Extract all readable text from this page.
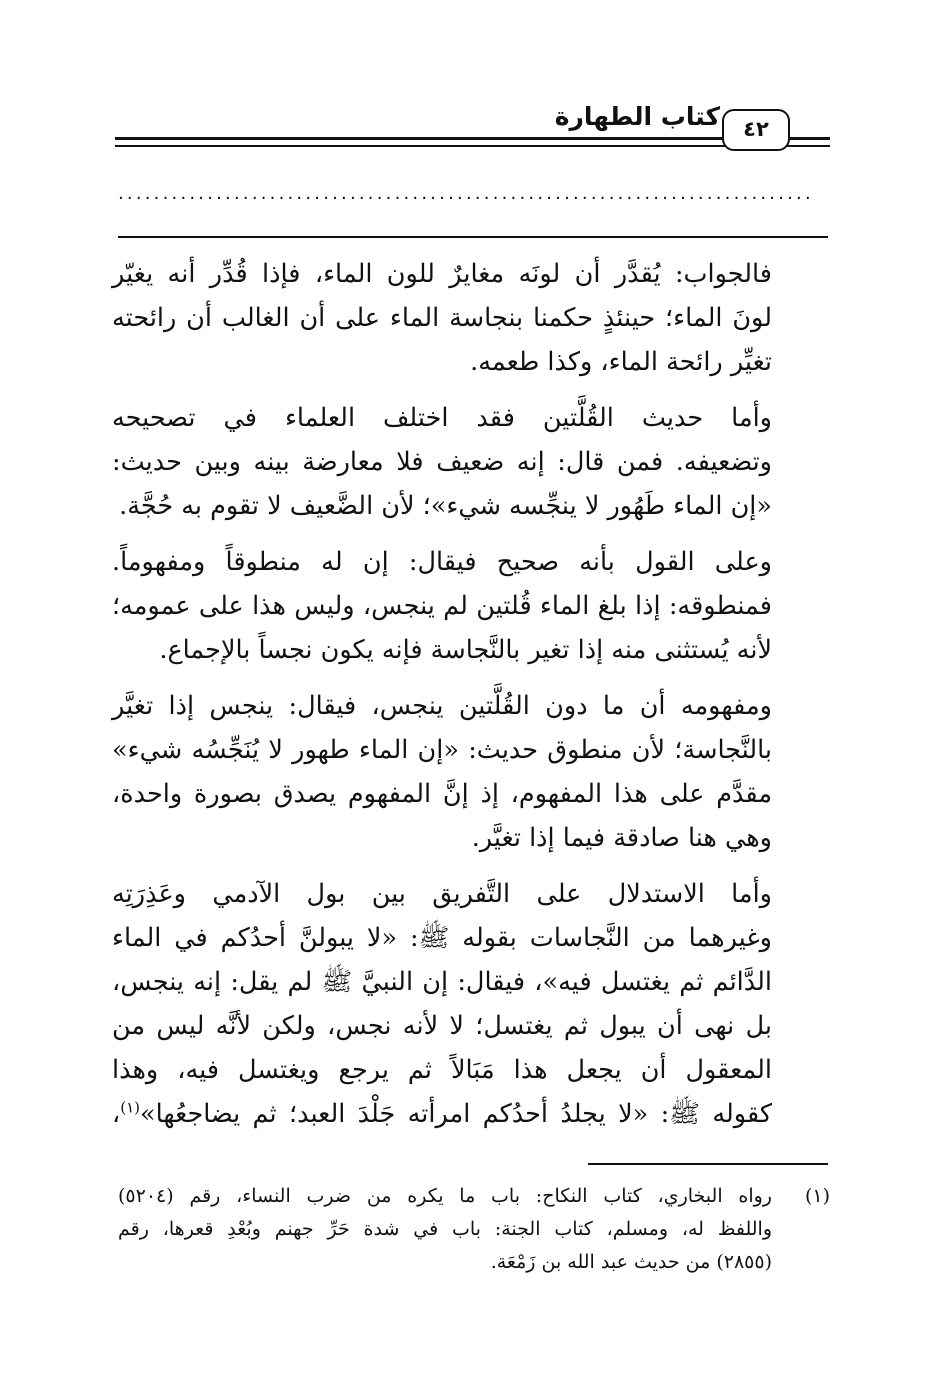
كتاب الطهارة	٤٢
..............................................................................

فالجواب: يُقدَّر أن لونَه مغايرٌ للون الماء، فإذا قُدِّر أنه يغيّر
لونَ الماء؛ حينئذٍ حكمنا بنجاسة الماء على أن الغالب أن رائحته
تغيِّر رائحة الماء، وكذا طعمه.

وأما حديث القُلَّتين فقد اختلف العلماء في تصحيحه
وتضعيفه. فمن قال: إنه ضعيف فلا معارضة بينه وبين حديث:
«إن الماء طَهُور لا ينجِّسه شيء»؛ لأن الضَّعيف لا تقوم به حُجَّة.

وعلى القول بأنه صحيح فيقال: إن له منطوقاً ومفهوماً.
فمنطوقه: إذا بلغ الماء قُلتين لم ينجس، وليس هذا على عمومه؛
لأنه يُستثنى منه إذا تغير بالنَّجاسة فإنه يكون نجساً بالإجماع.

ومفهومه أن ما دون القُلَّتين ينجس، فيقال: ينجس إذا تغيَّر
بالنَّجاسة؛ لأن منطوق حديث: «إن الماء طهور لا يُنَجِّسُه شيء»
مقدَّم على هذا المفهوم، إذ إنَّ المفهوم يصدق بصورة واحدة،
وهي هنا صادقة فيما إذا تغيَّر.

وأما الاستدلال على التَّفريق بين بول الآدمي وعَذِرَتِه
وغيرهما من النَّجاسات بقوله ﷺ: «لا يبولنَّ أحدُكم في الماء
الدَّائم ثم يغتسل فيه»، فيقال: إن النبيَّ ﷺ لم يقل: إنه ينجس،
بل نهى أن يبول ثم يغتسل؛ لا لأنه نجس، ولكن لأنَّه ليس من
المعقول أن يجعل هذا مَبَالاً ثم يرجع ويغتسل فيه، وهذا
كقوله ﷺ: «لا يجلدُ أحدُكم امرأته جَلْدَ العبد؛ ثم يضاجعُها»$^{(١)}$،

(١)
رواه البخاري، كتاب النكاح: باب ما يكره من ضرب النساء، رقم (٥٢٠٤)
واللفظ له، ومسلم، كتاب الجنة: باب في شدة حَرِّ جهنم وبُعْدِ قعرها، رقم
(٢٨٥٥) من حديث عبد الله بن زَمْعَة.
